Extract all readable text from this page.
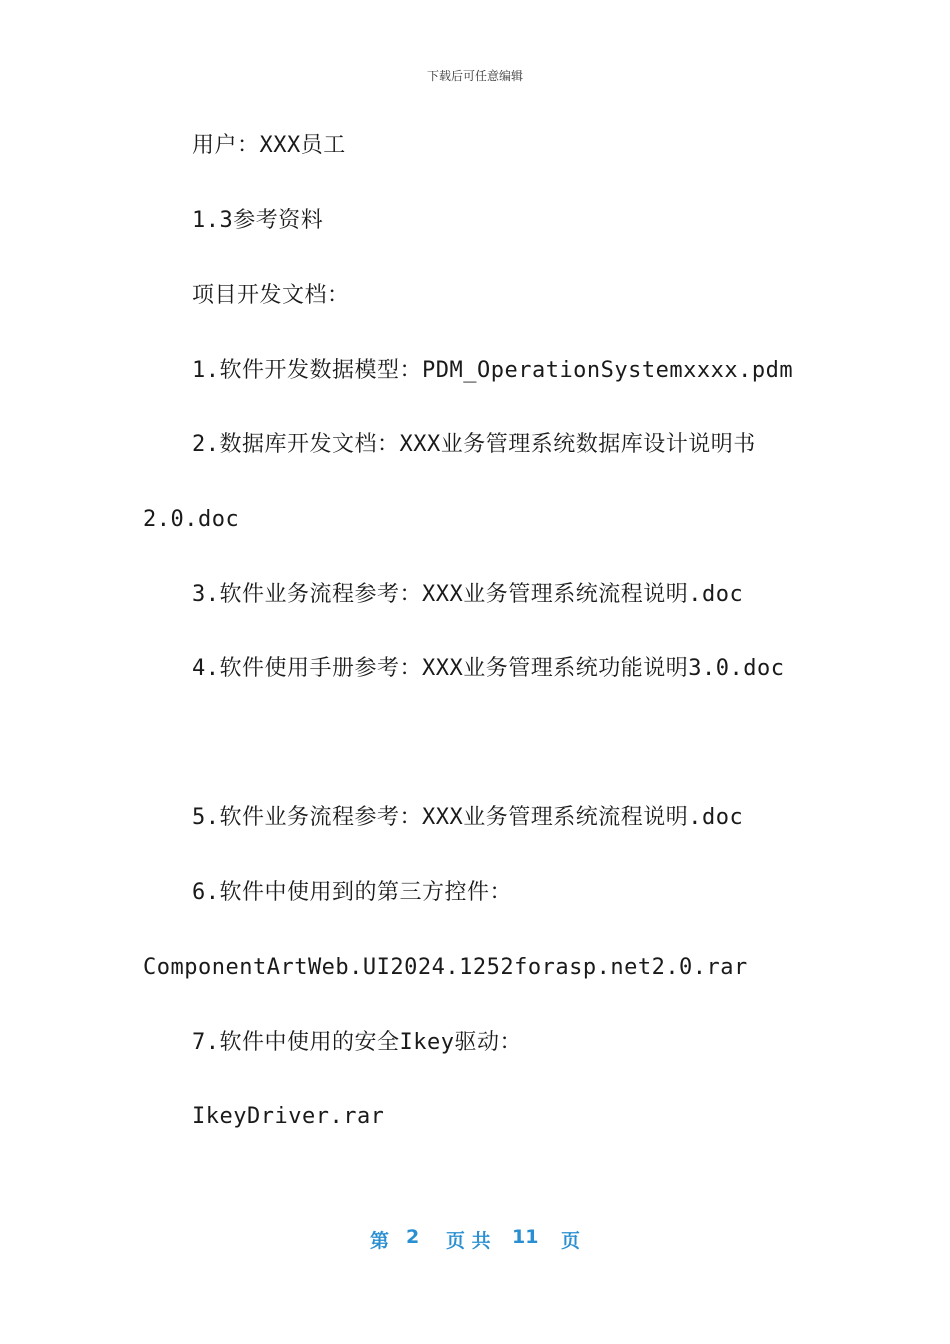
下载后可任意编辑
用户：XXX员工
1.3参考资料
项目开发文档：
1.软件开发数据模型：PDM_OperationSystemxxxx.pdm
2.数据库开发文档：XXX业务管理系统数据库设计说明书
2.0.doc
3.软件业务流程参考：XXX业务管理系统流程说明.doc
4.软件使用手册参考：XXX业务管理系统功能说明3.0.doc
5.软件业务流程参考：XXX业务管理系统流程说明.doc
6.软件中使用到的第三方控件：
ComponentArtWeb.UI2024.1252forasp.net2.0.rar
7.软件中使用的安全Ikey驱动：
IkeyDriver.rar
第 2 页 共 11 页
